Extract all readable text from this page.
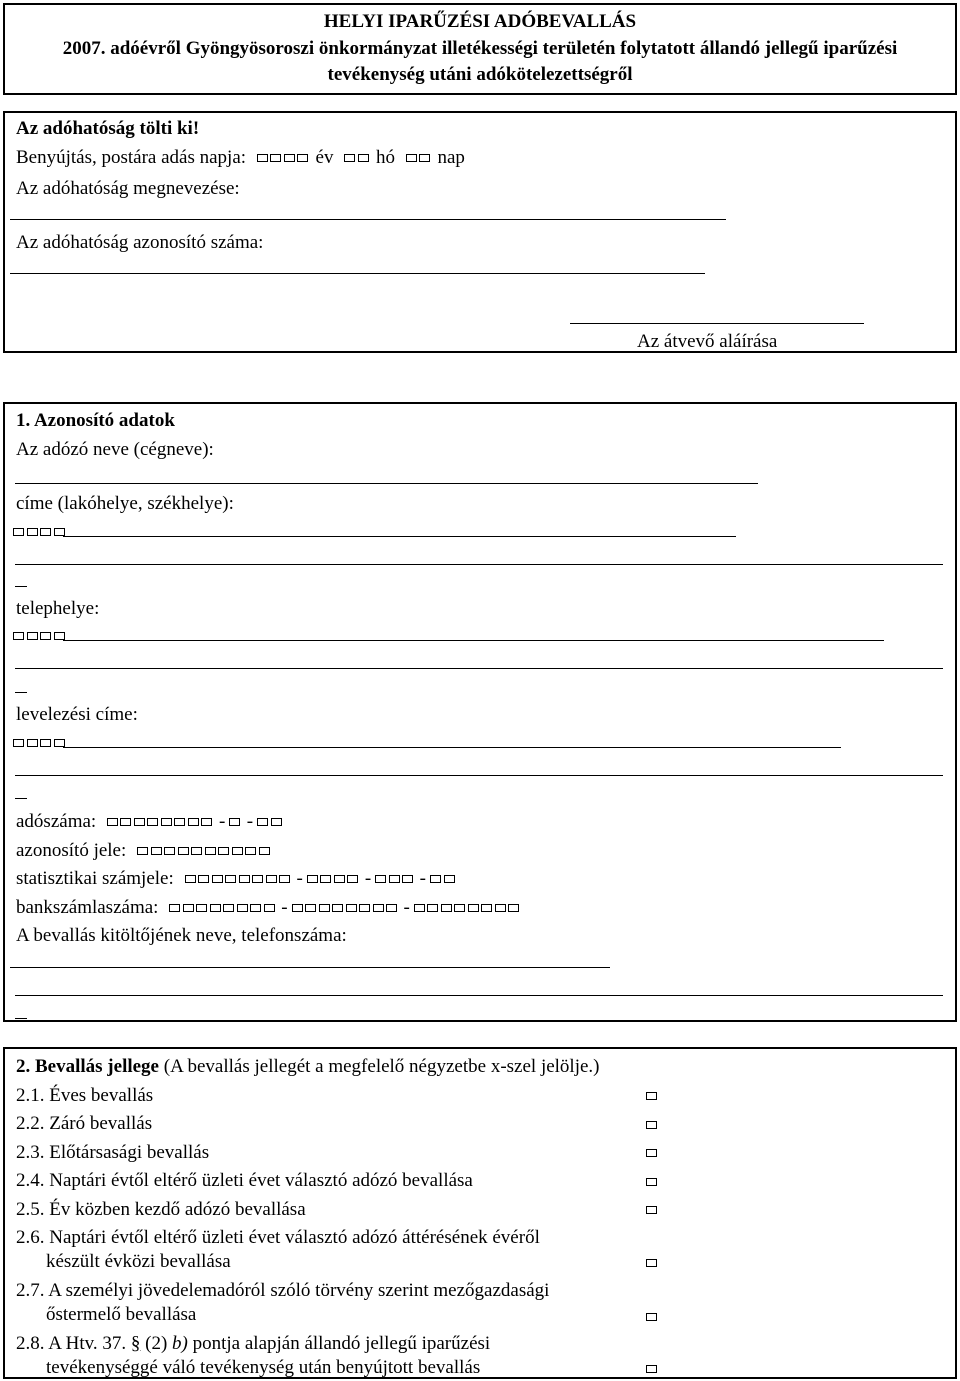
HELYI IPARŰZÉSI ADÓBEVALLÁS
2007. adóévről Gyöngyösoroszi önkormányzat illetékességi területén folytatott állandó jellegű iparűzési
tevékenység utáni adókötelezettségről
Az adóhatóság tölti ki!
Benyújtás, postára adás napja:	év hó nap
Az adóhatóság megnevezése:
Az adóhatóság azonosító száma:
Az átvevő aláírása
1. Azonosító adatok
Az adózó neve (cégneve):
címe (lakóhelye, székhelye):
telephelye:
levelezési címe:
adószáma:	- -
azonosító jele:
statisztikai számjele:	-	-	-
bankszámlaszáma:	-	-
A bevallás kitöltőjének neve, telefonszáma:
2. Bevallás jellege (A bevallás jellegét a megfelelő négyzetbe x-szel jelölje.)
2.1. Éves bevallás
2.2. Záró bevallás
2.3. Előtársasági bevallás
2.4. Naptári évtől eltérő üzleti évet választó adózó bevallása
2.5. Év közben kezdő adózó bevallása
2.6. Naptári évtől eltérő üzleti évet választó adózó áttérésének évéről
készült évközi bevallása
2.7. A személyi jövedelemadóról szóló törvény szerint mezőgazdasági
őstermelő bevallása
2.8. A Htv. 37. § (2) b) pontja alapján állandó jellegű iparűzési
tevékenységgé váló tevékenység után benyújtott bevallás
